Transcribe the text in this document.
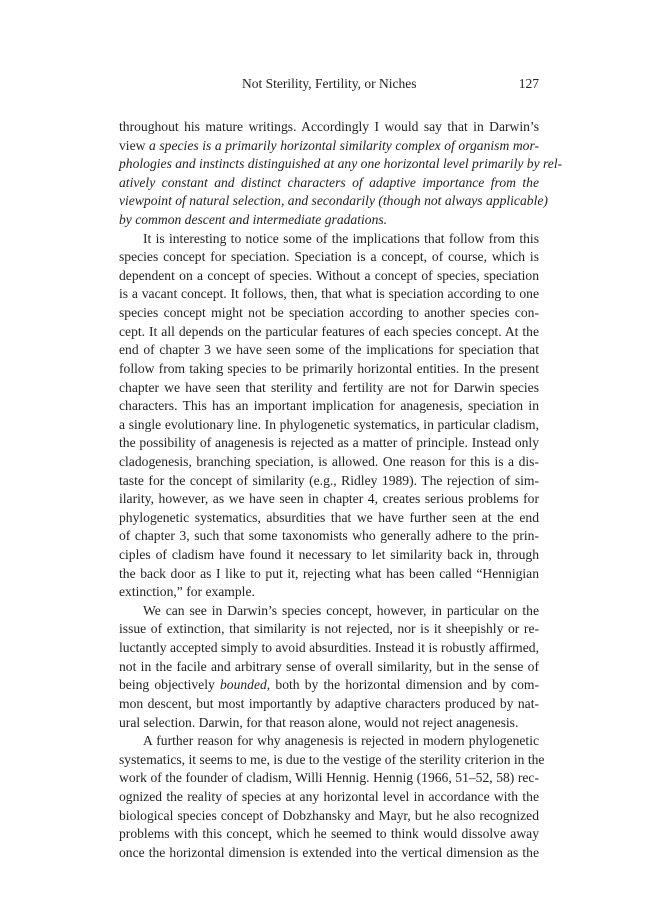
Not Sterility, Fertility, or Niches	127
throughout his mature writings. Accordingly I would say that in Darwin’s
view a species is a primarily horizontal similarity complex of organism mor-
phologies and instincts distinguished at any one horizontal level primarily by rel-
atively constant and distinct characters of adaptive importance from the
viewpoint of natural selection, and secondarily (though not always applicable)
by common descent and intermediate gradations.
It is interesting to notice some of the implications that follow from this
species concept for speciation. Speciation is a concept, of course, which is
dependent on a concept of species. Without a concept of species, speciation
is a vacant concept. It follows, then, that what is speciation according to one
species concept might not be speciation according to another species con-
cept. It all depends on the particular features of each species concept. At the
end of chapter 3 we have seen some of the implications for speciation that
follow from taking species to be primarily horizontal entities. In the present
chapter we have seen that sterility and fertility are not for Darwin species
characters. This has an important implication for anagenesis, speciation in
a single evolutionary line. In phylogenetic systematics, in particular cladism,
the possibility of anagenesis is rejected as a matter of principle. Instead only
cladogenesis, branching speciation, is allowed. One reason for this is a dis-
taste for the concept of similarity (e.g., Ridley 1989). The rejection of sim-
ilarity, however, as we have seen in chapter 4, creates serious problems for
phylogenetic systematics, absurdities that we have further seen at the end
of chapter 3, such that some taxonomists who generally adhere to the prin-
ciples of cladism have found it necessary to let similarity back in, through
the back door as I like to put it, rejecting what has been called “Hennigian
extinction,” for example.
We can see in Darwin’s species concept, however, in particular on the
issue of extinction, that similarity is not rejected, nor is it sheepishly or re-
luctantly accepted simply to avoid absurdities. Instead it is robustly affirmed,
not in the facile and arbitrary sense of overall similarity, but in the sense of
being objectively bounded, both by the horizontal dimension and by com-
mon descent, but most importantly by adaptive characters produced by nat-
ural selection. Darwin, for that reason alone, would not reject anagenesis.
A further reason for why anagenesis is rejected in modern phylogenetic
systematics, it seems to me, is due to the vestige of the sterility criterion in the
work of the founder of cladism, Willi Hennig. Hennig (1966, 51–52, 58) rec-
ognized the reality of species at any horizontal level in accordance with the
biological species concept of Dobzhansky and Mayr, but he also recognized
problems with this concept, which he seemed to think would dissolve away
once the horizontal dimension is extended into the vertical dimension as the
